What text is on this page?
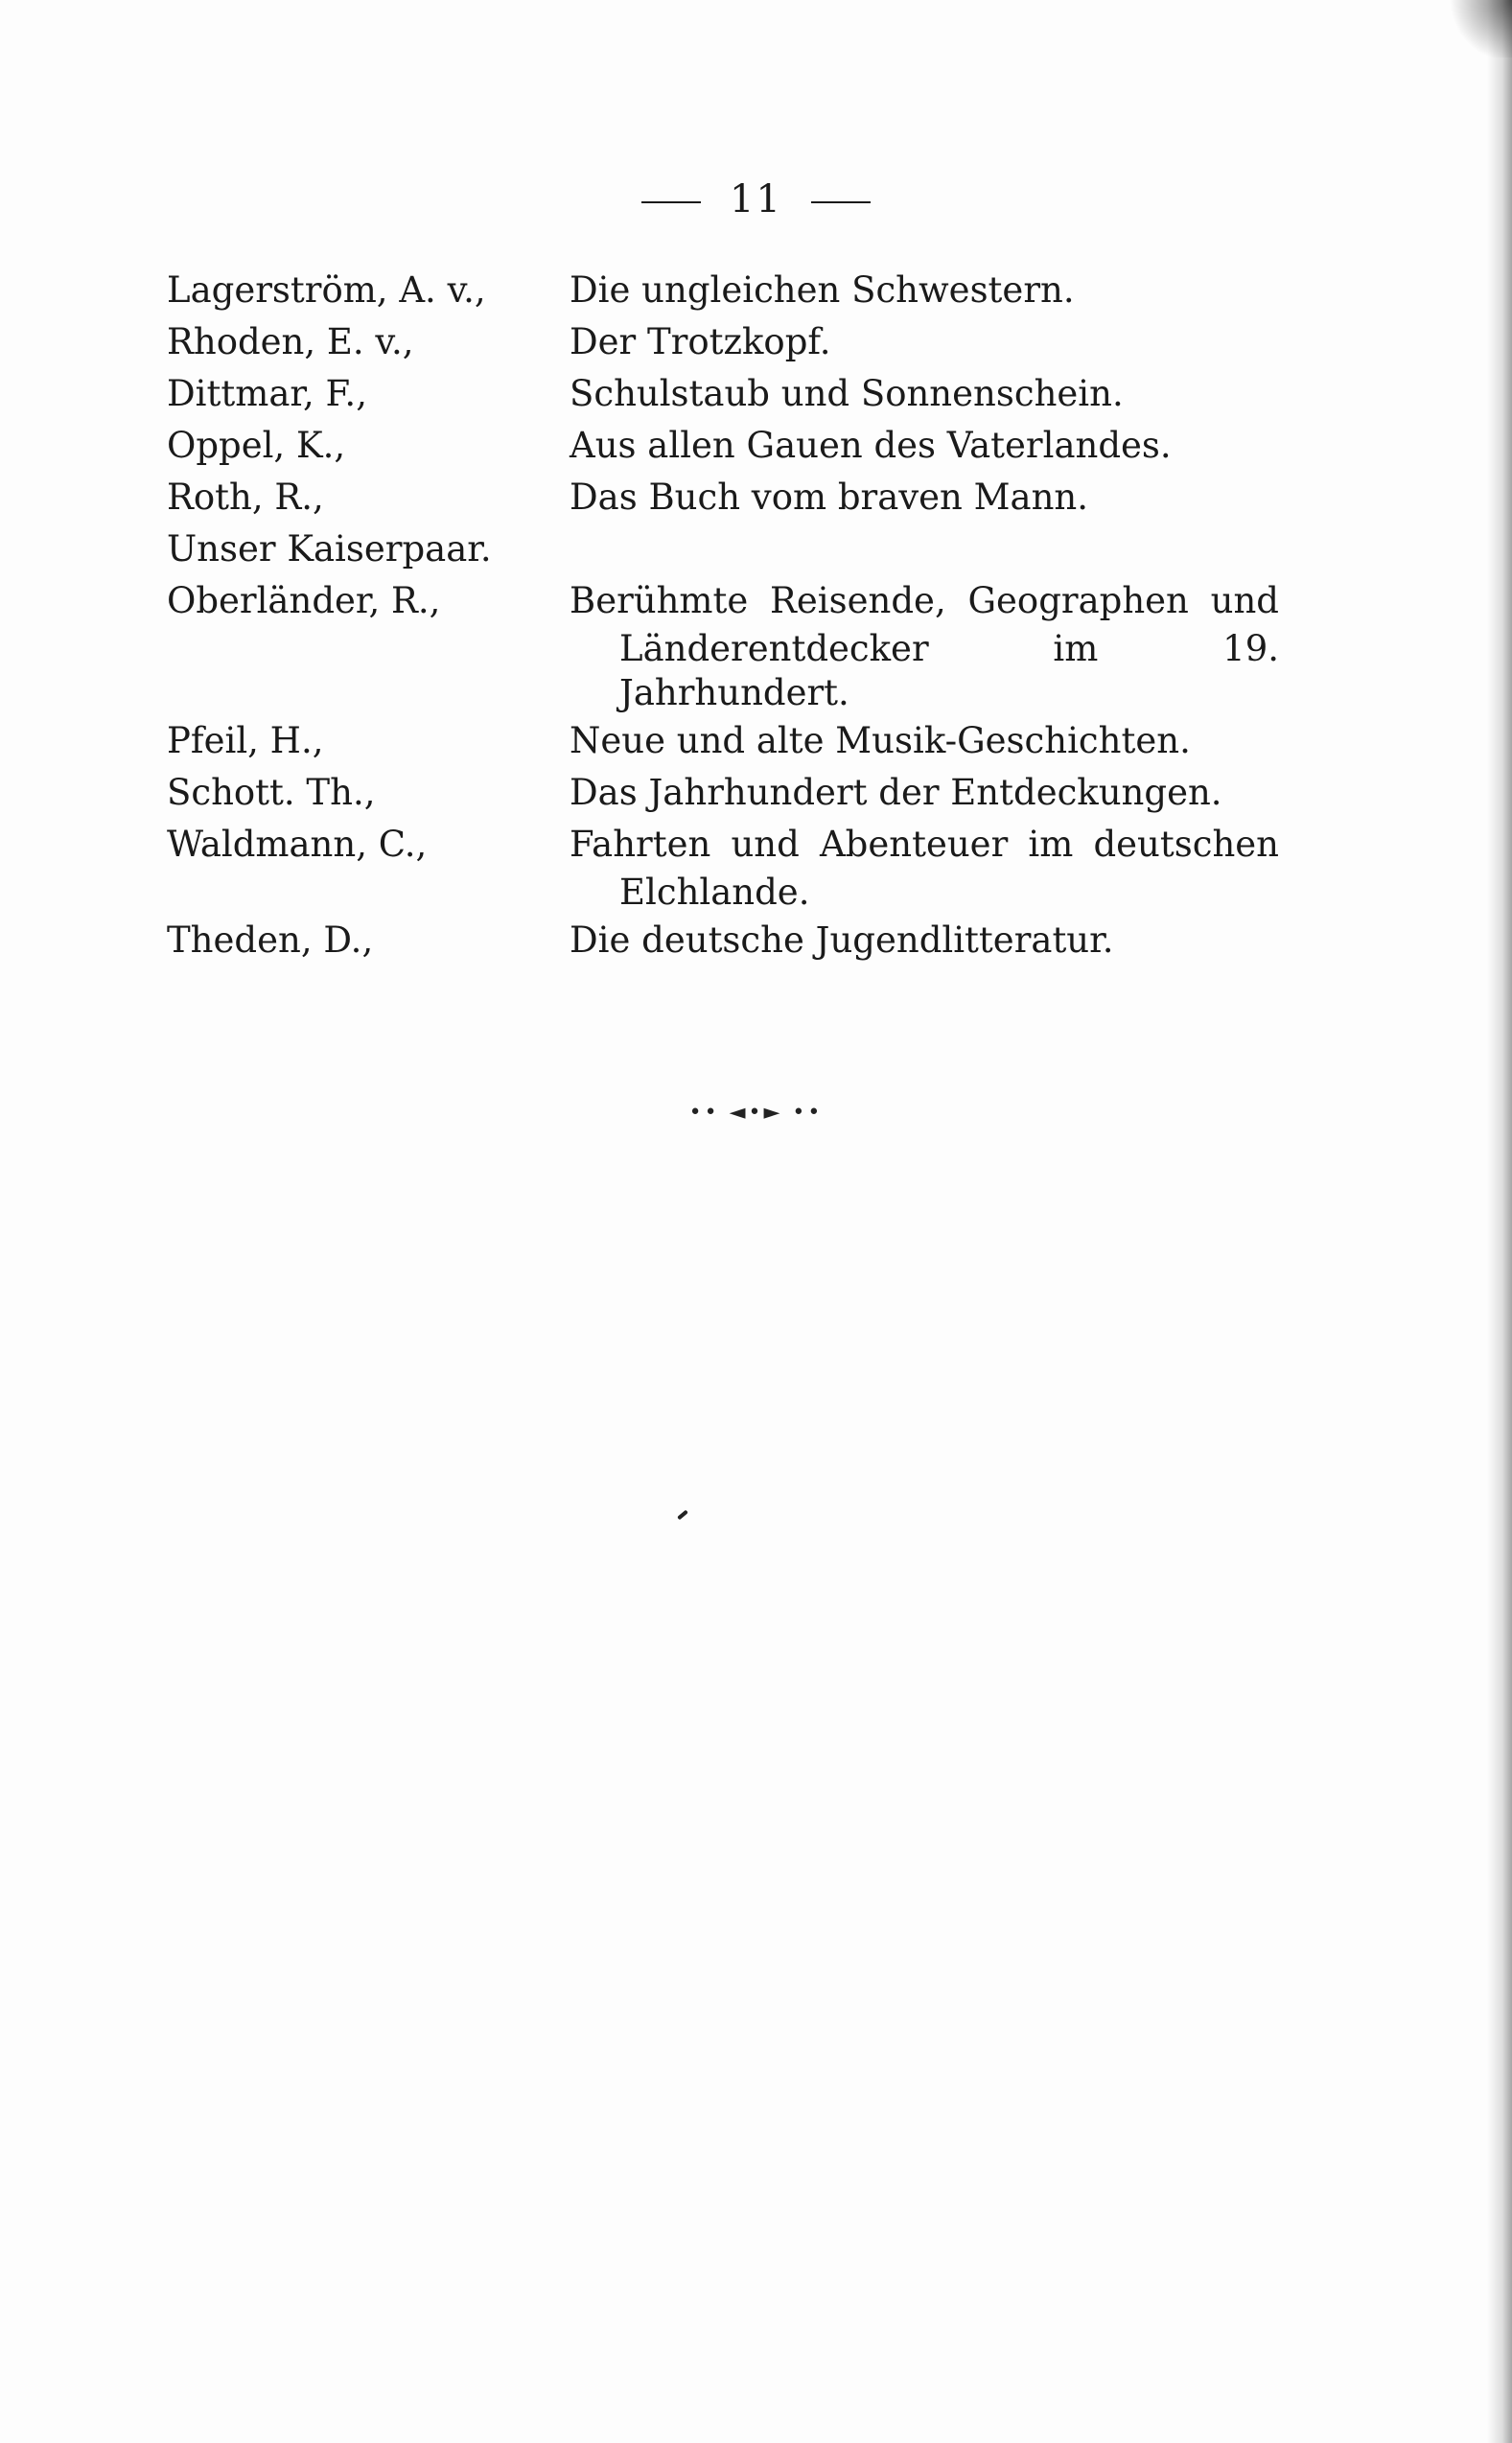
11
Lagerström, A. v.,	Die ungleichen Schwestern.
Rhoden, E. v.,	Der Trotzkopf.
Dittmar, F.,	Schulstaub und Sonnenschein.
Oppel, K.,	Aus allen Gauen des Vaterlandes.
Roth, R.,	Das Buch vom braven Mann.
Unser Kaiserpaar.
Oberländer, R.,	Berühmte Reisende, Geographen und
Länderentdecker im 19. Jahrhundert.
Pfeil, H.,	Neue und alte Musik-Geschichten.
Schott. Th.,	Das Jahrhundert der Entdeckungen.
Waldmann, C.,	Fahrten und Abenteuer im deutschen
Elchlande.
Theden, D.,	Die deutsche Jugendlitteratur.
•• ◄•► ••
